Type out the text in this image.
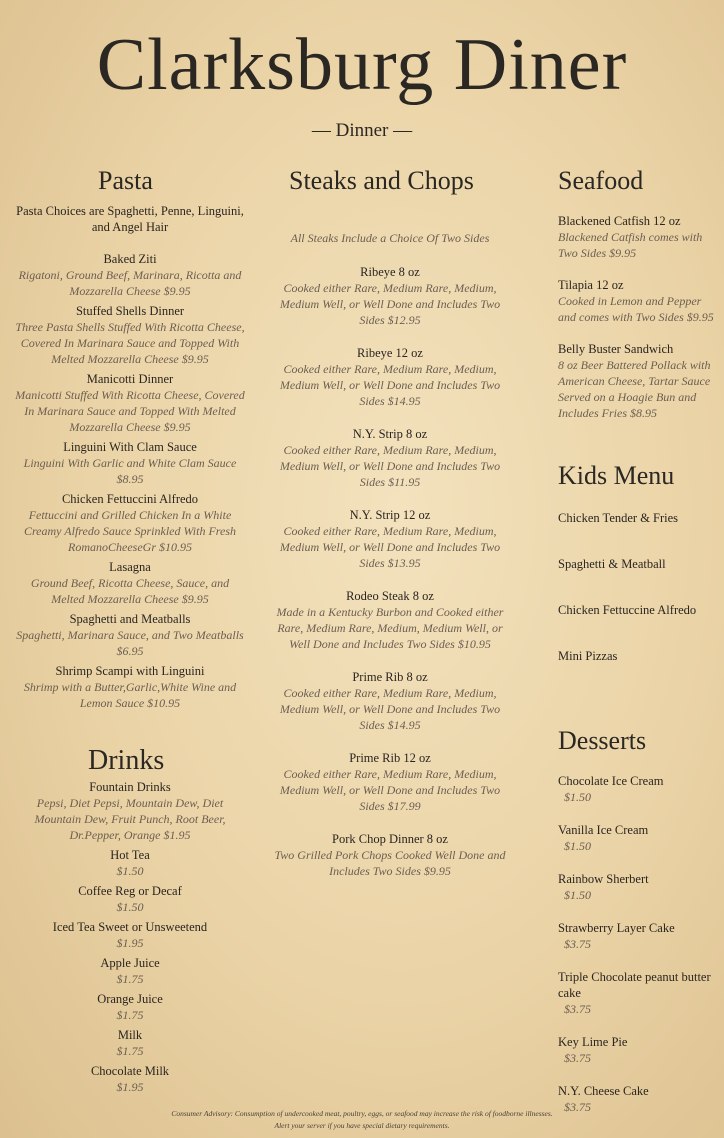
Clarksburg Diner
— Dinner —
Pasta
Pasta Choices are Spaghetti, Penne, Linguini, and Angel Hair
Baked Ziti
Rigatoni, Ground Beef, Marinara, Ricotta and Mozzarella Cheese $9.95
Stuffed Shells Dinner
Three Pasta Shells Stuffed With Ricotta Cheese, Covered In Marinara Sauce and Topped With Melted Mozzarella Cheese $9.95
Manicotti Dinner
Manicotti Stuffed With Ricotta Cheese, Covered In Marinara Sauce and Topped With Melted Mozzarella Cheese $9.95
Linguini With Clam Sauce
Linguini With Garlic and White Clam Sauce $8.95
Chicken Fettuccini Alfredo
Fettuccini and Grilled Chicken In a White Creamy Alfredo Sauce Sprinkled With Fresh RomanoCheeseGr $10.95
Lasagna
Ground Beef, Ricotta Cheese, Sauce, and Melted Mozzarella Cheese $9.95
Spaghetti and Meatballs
Spaghetti, Marinara Sauce, and Two Meatballs $6.95
Shrimp Scampi with Linguini
Shrimp with a Butter,Garlic,White Wine and Lemon Sauce $10.95
Drinks
Fountain Drinks
Pepsi, Diet Pepsi, Mountain Dew, Diet Mountain Dew, Fruit Punch, Root Beer, Dr.Pepper, Orange $1.95
Hot Tea
$1.50
Coffee Reg or Decaf
$1.50
Iced Tea Sweet or Unsweetend
$1.95
Apple Juice
$1.75
Orange Juice
$1.75
Milk
$1.75
Chocolate Milk
$1.95
Steaks and Chops
All Steaks Include a Choice Of Two Sides
Ribeye 8 oz
Cooked either Rare, Medium Rare, Medium, Medium Well, or Well Done and Includes Two Sides $12.95
Ribeye 12 oz
Cooked either Rare, Medium Rare, Medium, Medium Well, or Well Done and Includes Two Sides $14.95
N.Y. Strip 8 oz
Cooked either Rare, Medium Rare, Medium, Medium Well, or Well Done and Includes Two Sides $11.95
N.Y. Strip 12 oz
Cooked either Rare, Medium Rare, Medium, Medium Well, or Well Done and Includes Two Sides $13.95
Rodeo Steak 8 oz
Made in a Kentucky Burbon and Cooked either Rare, Medium Rare, Medium, Medium Well, or Well Done and Includes Two Sides $10.95
Prime Rib 8 oz
Cooked either Rare, Medium Rare, Medium, Medium Well, or Well Done and Includes Two Sides $14.95
Prime Rib 12 oz
Cooked either Rare, Medium Rare, Medium, Medium Well, or Well Done and Includes Two Sides $17.99
Pork Chop Dinner 8 oz
Two Grilled Pork Chops Cooked Well Done and Includes Two Sides $9.95
Seafood
Blackened Catfish 12 oz
Blackened Catfish comes with Two Sides $9.95
Tilapia 12 oz
Cooked in Lemon and Pepper and comes with Two Sides $9.95
Belly Buster Sandwich
8 oz Beer Battered Pollack with American Cheese, Tartar Sauce Served on a Hoagie Bun and Includes Fries $8.95
Kids Menu
Chicken Tender & Fries
Spaghetti & Meatball
Chicken Fettuccine Alfredo
Mini Pizzas
Desserts
Chocolate Ice Cream
$1.50
Vanilla Ice Cream
$1.50
Rainbow Sherbert
$1.50
Strawberry Layer Cake
$3.75
Triple Chocolate peanut butter cake
$3.75
Key Lime Pie
$3.75
N.Y. Cheese Cake
$3.75
Consumer Advisory: Consumption of undercooked meat, poultry, eggs, or seafood may increase the risk of foodborne illnesses.
Alert your server if you have special dietary requirements.
